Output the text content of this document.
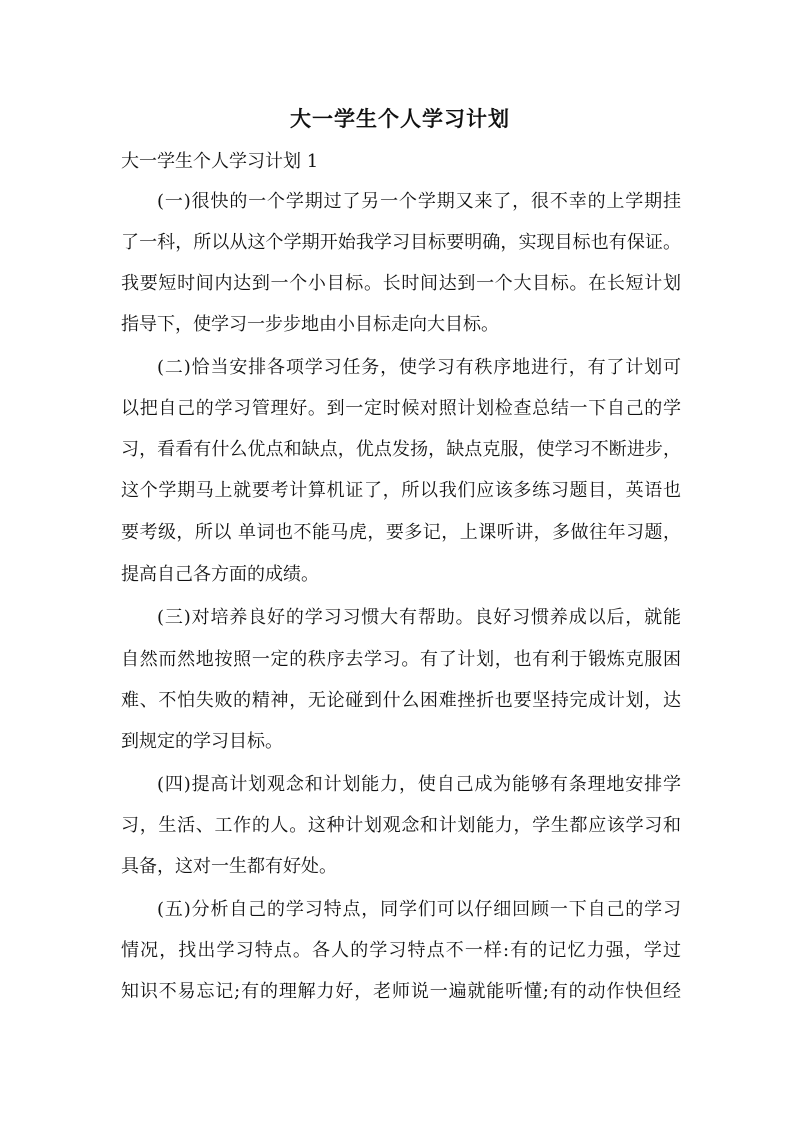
大一学生个人学习计划
大一学生个人学习计划 1
(一)很快的一个学期过了另一个学期又来了，很不幸的上学期挂
了一科，所以从这个学期开始我学习目标要明确，实现目标也有保证。
我要短时间内达到一个小目标。长时间达到一个大目标。在长短计划
指导下，使学习一步步地由小目标走向大目标。
(二)恰当安排各项学习任务，使学习有秩序地进行，有了计划可
以把自己的学习管理好。到一定时候对照计划检查总结一下自己的学
习，看看有什么优点和缺点，优点发扬，缺点克服，使学习不断进步，
这个学期马上就要考计算机证了，所以我们应该多练习题目，英语也
要考级，所以 单词也不能马虎，要多记，上课听讲，多做往年习题，
提高自己各方面的成绩。
(三)对培养良好的学习习惯大有帮助。良好习惯养成以后，就能
自然而然地按照一定的秩序去学习。有了计划，也有利于锻炼克服困
难、不怕失败的精神，无论碰到什么困难挫折也要坚持完成计划，达
到规定的学习目标。
(四)提高计划观念和计划能力，使自己成为能够有条理地安排学
习，生活、工作的人。这种计划观念和计划能力，学生都应该学习和
具备，这对一生都有好处。
(五)分析自己的学习特点，同学们可以仔细回顾一下自己的学习
情况，找出学习特点。各人的学习特点不一样:有的记忆力强，学过
知识不易忘记;有的理解力好，老师说一遍就能听懂;有的动作快但经
